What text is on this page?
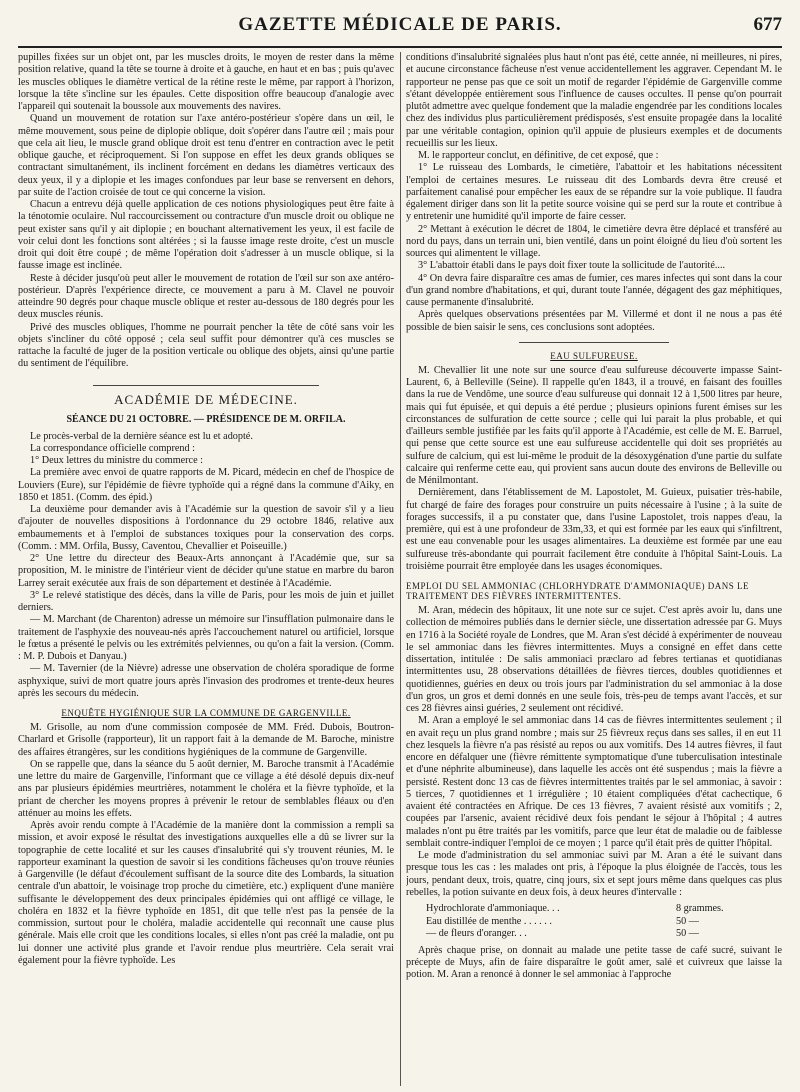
GAZETTE MÉDICALE DE PARIS.	677

pupilles fixées sur un objet ont, par les muscles droits, le moyen de rester dans la même position relative, quand la tête se tourne à droite et à gauche, en haut et en bas ; puis qu'avec les muscles obliques le diamètre vertical de la rétine reste le même, par rapport à l'horizon, lorsque la tête s'incline sur les épaules. Cette disposition offre beaucoup d'analogie avec l'appareil qui soutenait la boussole aux mouvements des navires.

Quand un mouvement de rotation sur l'axe antéro-postérieur s'opère dans un œil, le même mouvement, sous peine de diplopie oblique, doit s'opérer dans l'autre œil ; mais pour que cela ait lieu, le muscle grand oblique droit est tenu d'entrer en contraction avec le petit oblique gauche, et réciproquement. Si l'on suppose en effet les deux grands obliques se contractant simultanément, ils inclinent forcément en dedans les diamètres verticaux des deux yeux, il y a diplopie et les images confondues par leur base se renversent en dehors, par suite de l'action croisée de tout ce qui concerne la vision.

Chacun a entrevu déjà quelle application de ces notions physiologiques peut être faite à la ténotomie oculaire. Nul raccourcissement ou contracture d'un muscle droit ou oblique ne peut exister sans qu'il y ait diplopie ; en bouchant alternativement les yeux, il est facile de voir celui dont les fonctions sont altérées ; si la fausse image reste droite, c'est un muscle droit qui doit être coupé ; de même l'opération doit s'adresser à un muscle oblique, si la fausse image est inclinée.

Reste à décider jusqu'où peut aller le mouvement de rotation de l'œil sur son axe antéro-postérieur. D'après l'expérience directe, ce mouvement a paru à M. Clavel ne pouvoir atteindre 90 degrés pour chaque muscle oblique et rester au-dessous de 180 degrés pour les deux muscles réunis.

Privé des muscles obliques, l'homme ne pourrait pencher la tête de côté sans voir les objets s'incliner du côté opposé ; cela seul suffit pour démontrer qu'à ces muscles se rattache la faculté de juger de la position verticale ou oblique des objets, ainsi qu'une partie du sentiment de l'équilibre.

ACADÉMIE DE MÉDECINE.
SÉANCE DU 21 OCTOBRE. — PRÉSIDENCE DE M. ORFILA.

Le procès-verbal de la dernière séance est lu et adopté.

La correspondance officielle comprend :

1° Deux lettres du ministre du commerce :

La première avec envoi de quatre rapports de M. Picard, médecin en chef de l'hospice de Louviers (Eure), sur l'épidémie de fièvre typhoïde qui a régné dans la commune d'Aiky, en 1850 et 1851. (Comm. des épid.)

La deuxième pour demander avis à l'Académie sur la question de savoir s'il y a lieu d'ajouter de nouvelles dispositions à l'ordonnance du 29 octobre 1846, relative aux embaumements et à l'emploi de substances toxiques pour la conservation des corps. (Comm. : MM. Orfila, Bussy, Caventou, Chevallier et Poiseuille.)

2° Une lettre du directeur des Beaux-Arts annonçant à l'Académie que, sur sa proposition, M. le ministre de l'intérieur vient de décider qu'une statue en marbre du baron Larrey serait exécutée aux frais de son département et destinée à l'Académie.

3° Le relevé statistique des décès, dans la ville de Paris, pour les mois de juin et juillet derniers.

— M. Marchant (de Charenton) adresse un mémoire sur l'insufflation pulmonaire dans le traitement de l'asphyxie des nouveau-nés après l'accouchement naturel ou artificiel, lorsque le fœtus a présenté le pelvis ou les extrémités pelviennes, ou qu'on a fait la version. (Comm. : M. P. Dubois et Danyau.)

— M. Tavernier (de la Nièvre) adresse une observation de choléra sporadique de forme asphyxique, suivi de mort quatre jours après l'invasion des prodromes et trente-deux heures après les secours du médecin.

ENQUÊTE HYGIÉNIQUE SUR LA COMMUNE DE GARGENVILLE.

M. Grisolle, au nom d'une commission composée de MM. Fréd. Dubois, Boutron-Charlard et Grisolle (rapporteur), lit un rapport fait à la demande de M. Baroche, ministre des affaires étrangères, sur les conditions hygiéniques de la commune de Gargenville.

On se rappelle que, dans la séance du 5 août dernier, M. Baroche transmit à l'Académie une lettre du maire de Gargenville, l'informant que ce village a été désolé depuis dix-neuf ans par plusieurs épidémies meurtrières, notamment le choléra et la fièvre typhoïde, et la priant de chercher les moyens propres à prévenir le retour de semblables fléaux ou d'en atténuer au moins les effets.

Après avoir rendu compte à l'Académie de la manière dont la commission a rempli sa mission, et avoir exposé le résultat des investigations auxquelles elle a dû se livrer sur la topographie de cette localité et sur les causes d'insalubrité qui s'y trouvent réunies, M. le rapporteur examinant la question de savoir si les conditions fâcheuses qu'on trouve réunies à Gargenville (le défaut d'écoulement suffisant de la source dite des Lombards, la situation centrale d'un abattoir, le voisinage trop proche du cimetière, etc.) expliquent d'une manière suffisante le développement des deux principales épidémies qui ont affligé ce village, le choléra en 1832 et la fièvre typhoïde en 1851, dit que telle n'est pas la pensée de la commission, surtout pour le choléra, maladie accidentelle qui reconnaît une cause plus générale. Mais elle croit que les conditions locales, si elles n'ont pas créé la maladie, ont pu lui donner une activité plus grande et l'avoir rendue plus meurtrière. Cela serait vrai également pour la fièvre typhoïde. Les

conditions d'insalubrité signalées plus haut n'ont pas été, cette année, ni meilleures, ni pires, et aucune circonstance fâcheuse n'est venue accidentellement les aggraver. Cependant M. le rapporteur ne pense pas que ce soit un motif de regarder l'épidémie de Gargenville comme s'étant développée entièrement sous l'influence de causes occultes. Il pense qu'on pourrait plutôt admettre avec quelque fondement que la maladie engendrée par les conditions locales chez des individus plus particulièrement prédisposés, s'est ensuite propagée dans la localité par une véritable contagion, opinion qu'il appuie de plusieurs exemples et de documents recueillis sur les lieux.

M. le rapporteur conclut, en définitive, de cet exposé, que :

1° Le ruisseau des Lombards, le cimetière, l'abattoir et les habitations nécessitent l'emploi de certaines mesures. Le ruisseau dit des Lombards devra être creusé et parfaitement canalisé pour empêcher les eaux de se répandre sur la voie publique. Il faudra également diriger dans son lit la petite source voisine qui se perd sur la route et contribue à y entretenir une humidité qu'il importe de faire cesser.

2° Mettant à exécution le décret de 1804, le cimetière devra être déplacé et transféré au nord du pays, dans un terrain uni, bien ventilé, dans un point éloigné du lieu d'où sortent les sources qui alimentent le village.

3° L'abattoir établi dans le pays doit fixer toute la sollicitude de l'autorité....

4° On devra faire disparaître ces amas de fumier, ces mares infectes qui sont dans la cour d'un grand nombre d'habitations, et qui, durant toute l'année, dégagent des gaz méphitiques, cause permanente d'insalubrité.

Après quelques observations présentées par M. Villermé et dont il ne nous a pas été possible de bien saisir le sens, ces conclusions sont adoptées.

EAU SULFUREUSE.

M. Chevallier lit une note sur une source d'eau sulfureuse découverte impasse Saint-Laurent, 6, à Belleville (Seine). Il rappelle qu'en 1843, il a trouvé, en faisant des fouilles dans la rue de Vendôme, une source d'eau sulfureuse qui donnait 12 à 1,500 litres par heure, mais qui fut épuisée, et qui depuis a été perdue ; plusieurs opinions furent émises sur les circonstances de sulfuration de cette source ; celle qui lui parait la plus probable, et qui d'ailleurs semble justifiée par les faits qu'il apporte à l'Académie, est celle de M. E. Barruel, qui pense que cette source est une eau sulfureuse accidentelle qui doit ses propriétés au sulfure de calcium, qui est lui-même le produit de la désoxygénation d'une partie du sulfate calcaire qui renferme cette eau, qui provient sans aucun doute des environs de Belleville ou de Ménilmontant.

Dernièrement, dans l'établissement de M. Lapostolet, M. Guieux, puisatier très-habile, fut chargé de faire des forages pour construire un puits nécessaire à l'usine ; à la suite de forages successifs, il a pu constater que, dans l'usine Lapostolet, trois nappes d'eau, la première, qui est à une profondeur de 33m,33, et qui est formée par les eaux qui s'infiltrent, est une eau convenable pour les usages alimentaires. La deuxième est formée par une eau sulfureuse très-abondante qui pourrait facilement être conduite à l'hôpital Saint-Louis. La troisième pourrait être employée dans les usages économiques.

EMPLOI DU SEL AMMONIAC (CHLORHYDRATE D'AMMONIAQUE) DANS LE TRAITEMENT DES FIÈVRES INTERMITTENTES.

M. Aran, médecin des hôpitaux, lit une note sur ce sujet. C'est après avoir lu, dans une collection de mémoires publiés dans le dernier siècle, une dissertation adressée par G. Muys en 1716 à la Société royale de Londres, que M. Aran s'est décidé à expérimenter de nouveau le sel ammoniac dans les fièvres intermittentes. Muys a consigné en effet dans cette dissertation, intitulée : De salis ammoniaci præclaro ad febres tertianas et quotidianas intermittentes usu, 28 observations détaillées de fièvres tierces, doubles quotidiennes et quotidiennes, guéries en deux ou trois jours par l'administration du sel ammoniac à la dose d'un gros, un gros et demi donnés en une seule fois, très-peu de temps avant l'accès, et sur ces 28 fièvres ainsi guéries, 2 seulement ont récidivé.

M. Aran a employé le sel ammoniac dans 14 cas de fièvres intermittentes seulement ; il en avait reçu un plus grand nombre ; mais sur 25 fièvreux reçus dans ses salles, il en eut 11 chez lesquels la fièvre n'a pas résisté au repos ou aux vomitifs. Des 14 autres fièvres, il faut encore en défalquer une (fièvre rémittente symptomatique d'une tuberculisation intestinale et d'une néphrite albumineuse), dans laquelle les accès ont été suspendus ; mais la fièvre a persisté. Restent donc 13 cas de fièvres intermittentes traités par le sel ammoniac, à savoir : 5 tierces, 7 quotidiennes et 1 irrégulière ; 10 étaient compliquées d'état cachectique, 6 avaient été contractées en Afrique. De ces 13 fièvres, 7 avaient résisté aux vomitifs ; 2, coupées par l'arsenic, avaient récidivé deux fois pendant le séjour à l'hôpital ; 4 autres malades n'ont pu être traités par les vomitifs, parce que leur état de maladie ou de faiblesse semblait contre-indiquer l'emploi de ce moyen ; 1 parce qu'il était près de quitter l'hôpital.

Le mode d'administration du sel ammoniac suivi par M. Aran a été le suivant dans presque tous les cas : les malades ont pris, à l'époque la plus éloignée de l'accès, tous les jours, pendant deux, trois, quatre, cinq jours, six et sept jours même dans quelques cas plus rebelles, la potion suivante en deux fois, à deux heures d'intervalle :

Hydrochlorate d'ammoniaque. . .	8 grammes.
Eau distillée de menthe . . . . . .	50 —
— de fleurs d'oranger. . .	50 —

Après chaque prise, on donnait au malade une petite tasse de café sucré, suivant le précepte de Muys, afin de faire disparaître le goût amer, salé et cuivreux que laisse la potion. M. Aran a renoncé à donner le sel ammoniac à l'approche
